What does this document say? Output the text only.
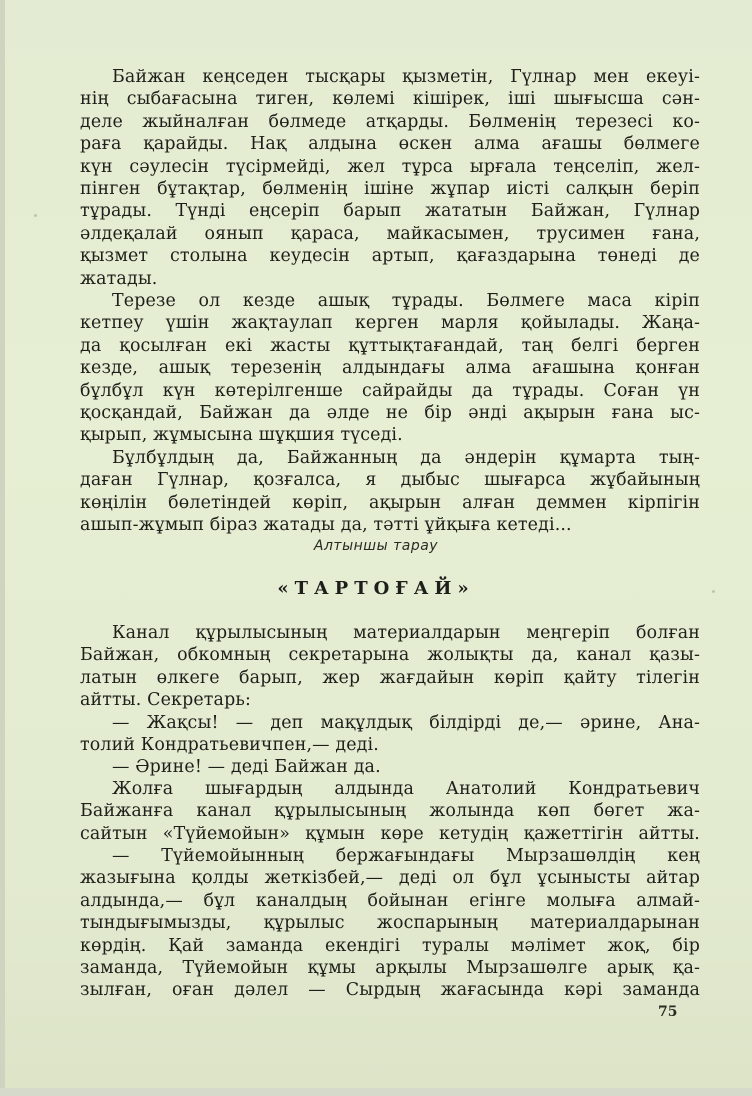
Байжан кеңседен тысқары қызметін, Гүлнар мен екеуі-
нің сыбағасына тиген, көлемі кішірек, іші шығысша сән-
деле жыйналған бөлмеде атқарды. Бөлменің терезесі ко-
раға қарайды. Нақ алдына өскен алма ағашы бөлмеге
күн сәулесін түсірмейді, жел тұрса ырғала теңселіп, жел-
пінген бұтақтар, бөлменің ішіне жұпар иісті салқын беріп
тұрады. Түнді еңсеріп барып жататын Байжан, Гүлнар
әлдеқалай оянып қараса, майкасымен, трусимен ғана,
қызмет столына кеудесін артып, қағаздарына төнеді де
жатады.
Терезе ол кезде ашық тұрады. Бөлмеге маса кіріп
кетпеу үшін жақтаулап керген марля қойылады. Жаңа-
да қосылған екі жасты құттықтағандай, таң белгі берген
кезде, ашық терезенің алдындағы алма ағашына қонған
бұлбұл күн көтерілгенше сайрайды да тұрады. Соған үн
қосқандай, Байжан да әлде не бір әнді ақырын ғана ыс-
қырып, жұмысына шұқшия түседі.
Бұлбұлдың да, Байжанның да әндерін құмарта тың-
даған Гүлнар, қозғалса, я дыбыс шығарса жұбайының
көңілін бөлетіндей көріп, ақырын алған деммен кірпігін
ашып-жұмып біраз жатады да, тәтті ұйқыға кетеді...
Алтыншы тарау
«ТАРТОҒАЙ»
Канал құрылысының материалдарын меңгеріп болған
Байжан, обкомның секретарына жолықты да, канал қазы-
латын өлкеге барып, жер жағдайын көріп қайту тілегін
айтты. Секретарь:
— Жақсы! — деп мақұлдық білдірді де,— әрине, Ана-
толий Кондратьевичпен,— деді.
— Әрине! — деді Байжан да.
Жолға шығардың алдында Анатолий Кондратьевич
Байжанға канал құрылысының жолында көп бөгет жа-
сайтын «Түйемойын» құмын көре кетудің қажеттігін айтты.
— Түйемойынның бержағындағы Мырзашөлдің кең
жазығына қолды жеткізбей,— деді ол бұл ұсынысты айтар
алдында,— бұл каналдың бойынан егінге молыға алмай-
тындығымызды, құрылыс жоспарының материалдарынан
көрдің. Қай заманда екендігі туралы мәлімет жоқ, бір
заманда, Түйемойын құмы арқылы Мырзашөлге арық қа-
зылған, оған дәлел — Сырдың жағасында кәрі заманда
75
